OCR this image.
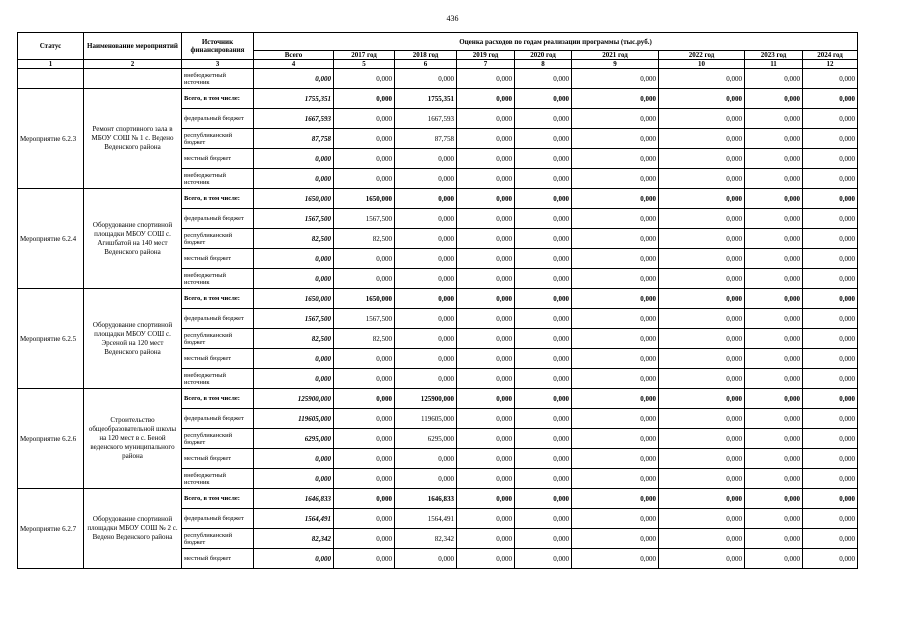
436
Статус	Наименование мероприятий	Источник финансирования	Оценка расходов по годам реализации программы (тыс.руб.)								
			Всего	2017 год	2018 год	2019 год	2020 год	2021 год	2022 год	2023 год	2024 год
1	2	3	4	5	6	7	8	9	10	11	12
		внебюджетный источник	0,000	0,000	0,000	0,000	0,000	0,000	0,000	0,000	0,000
Мероприятие 6.2.3	Ремонт спортивного зала в МБОУ СОШ № 1 с. Ведено Веденского района	Всего, в том числе:	1755,351	0,000	1755,351	0,000	0,000	0,000	0,000	0,000	0,000
		федеральный бюджет	1667,593	0,000	1667,593	0,000	0,000	0,000	0,000	0,000	0,000
		республиканский бюджет	87,758	0,000	87,758	0,000	0,000	0,000	0,000	0,000	0,000
		местный бюджет	0,000	0,000	0,000	0,000	0,000	0,000	0,000	0,000	0,000
		внебюджетный источник	0,000	0,000	0,000	0,000	0,000	0,000	0,000	0,000	0,000
Мероприятие 6.2.4	Оборудование спортивной площадки МБОУ СОШ с. Агишбатой на 140 мест Веденского района	Всего, в том числе:	1650,000	1650,000	0,000	0,000	0,000	0,000	0,000	0,000	0,000
		федеральный бюджет	1567,500	1567,500	0,000	0,000	0,000	0,000	0,000	0,000	0,000
		республиканский бюджет	82,500	82,500	0,000	0,000	0,000	0,000	0,000	0,000	0,000
		местный бюджет	0,000	0,000	0,000	0,000	0,000	0,000	0,000	0,000	0,000
		внебюджетный источник	0,000	0,000	0,000	0,000	0,000	0,000	0,000	0,000	0,000
Мероприятие 6.2.5	Оборудование спортивной площадки МБОУ СОШ с. Эрсеной на 120 мест Веденского района	Всего, в том числе:	1650,000	1650,000	0,000	0,000	0,000	0,000	0,000	0,000	0,000
		федеральный бюджет	1567,500	1567,500	0,000	0,000	0,000	0,000	0,000	0,000	0,000
		республиканский бюджет	82,500	82,500	0,000	0,000	0,000	0,000	0,000	0,000	0,000
		местный бюджет	0,000	0,000	0,000	0,000	0,000	0,000	0,000	0,000	0,000
		внебюджетный источник	0,000	0,000	0,000	0,000	0,000	0,000	0,000	0,000	0,000
Мероприятие 6.2.6	Строительство общеобразовательной школы на 120 мест в с. Беной веденского муниципального района	Всего, в том числе:	125900,000	0,000	125900,000	0,000	0,000	0,000	0,000	0,000	0,000
		федеральный бюджет	119605,000	0,000	119605,000	0,000	0,000	0,000	0,000	0,000	0,000
		республиканский бюджет	6295,000	0,000	6295,000	0,000	0,000	0,000	0,000	0,000	0,000
		местный бюджет	0,000	0,000	0,000	0,000	0,000	0,000	0,000	0,000	0,000
		внебюджетный источник	0,000	0,000	0,000	0,000	0,000	0,000	0,000	0,000	0,000
Мероприятие 6.2.7	Оборудование спортивной площадки МБОУ СОШ № 2 с. Ведено Веденского района	Всего, в том числе:	1646,833	0,000	1646,833	0,000	0,000	0,000	0,000	0,000	0,000
		федеральный бюджет	1564,491	0,000	1564,491	0,000	0,000	0,000	0,000	0,000	0,000
		республиканский бюджет	82,342	0,000	82,342	0,000	0,000	0,000	0,000	0,000	0,000
		местный бюджет	0,000	0,000	0,000	0,000	0,000	0,000	0,000	0,000	0,000
